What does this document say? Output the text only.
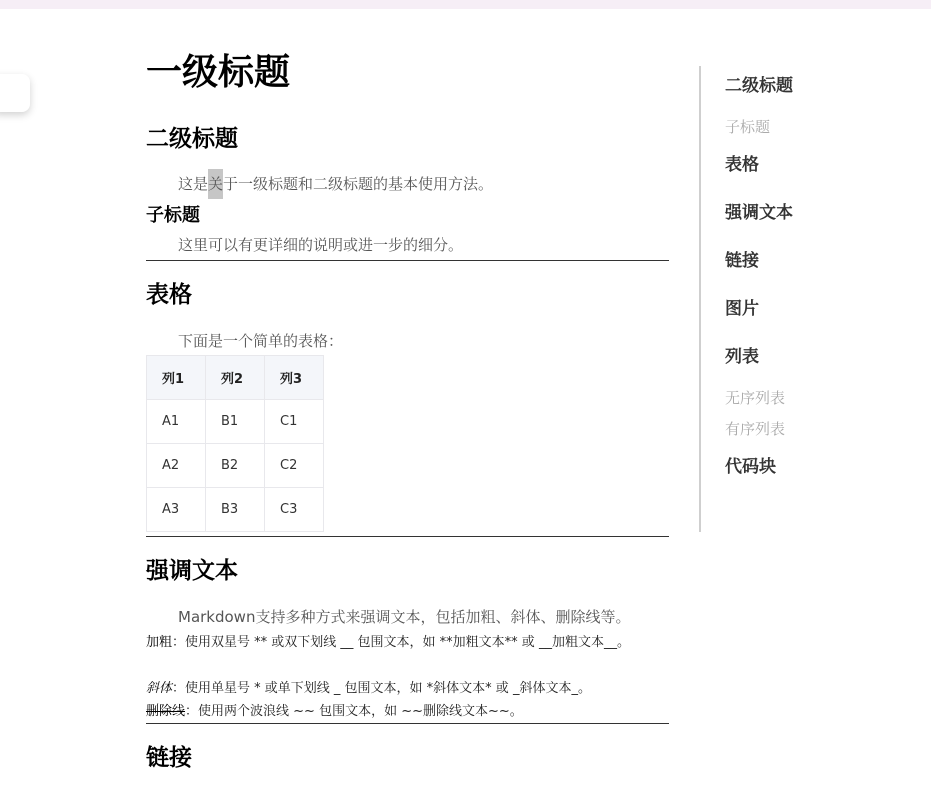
一级标题
二级标题
这是关于一级标题和二级标题的基本使用方法。
子标题
这里可以有更详细的说明或进一步的细分。
表格
下面是一个简单的表格：
列1	列2	列3
A1	B1	C1
A2	B2	C2
A3	B3	C3
强调文本
Markdown支持多种方式来强调文本，包括加粗、斜体、删除线等。
加粗：使用双星号 ** 或双下划线 __ 包围文本，如 **加粗文本** 或 __加粗文本__。
斜体：使用单星号 * 或单下划线 _ 包围文本，如 *斜体文本* 或 _斜体文本_。
删除线：使用两个波浪线 ~~ 包围文本，如 ~~删除线文本~~。
链接
二级标题
子标题
表格
强调文本
链接
图片
列表
无序列表
有序列表
代码块
